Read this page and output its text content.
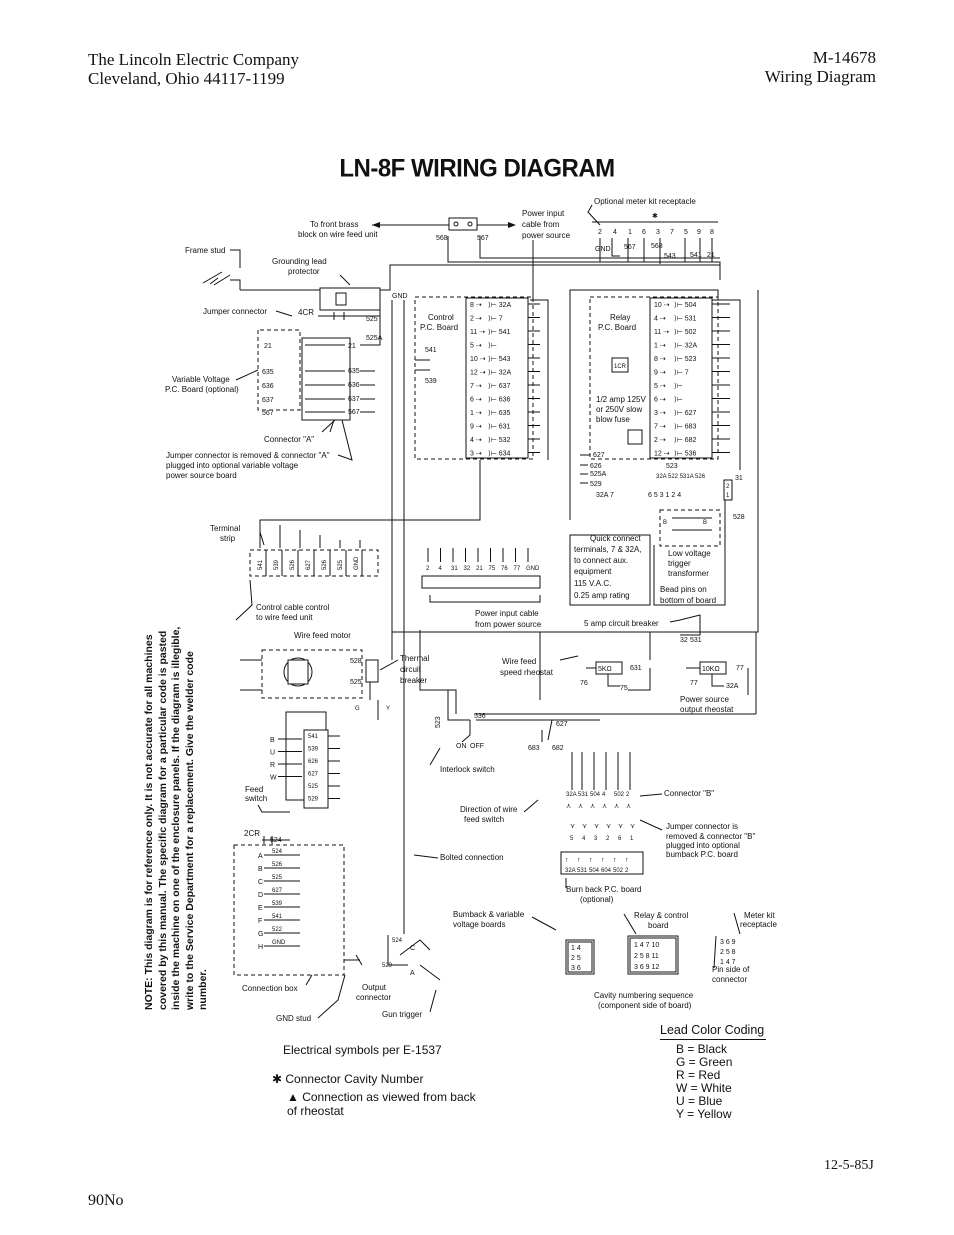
The Lincoln Electric Company
Cleveland, Ohio 44117-1199
M-14678
Wiring Diagram
LN-8F WIRING DIAGRAM
To front brass
block on wire feed unit	568	567
Power input
cable from
power source
Optional meter kit receptacle
✱
2 4 1 6 3 7 5 9 8
GND 567 568
543 541 21
Frame stud
Grounding lead
protector
GND
Jumper connector	4CR
525
525A
21
635
636
637
567
21
635
636
637
567
Variable Voltage
P.C. Board (optional)
Connector "A"
Jumper connector is removed & connector "A"
plugged into optional variable voltage
power source board
Control
P.C. Board
541
539
8 ⇢ ⟩⊢ 32A
2 ⇢ ⟩⊢ 7
11 ⇢ ⟩⊢ 541
5 ⇢ ⟩⊢
10 ⇢ ⟩⊢ 543
12 ⇢ ⟩⊢ 32A
7 ⇢ ⟩⊢ 637
6 ⇢ ⟩⊢ 636
1 ⇢ ⟩⊢ 635
9 ⇢ ⟩⊢ 631
4 ⇢ ⟩⊢ 532
3 ⇢ ⟩⊢ 634
Relay
P.C. Board
1CR
1/2 amp 125V
or 250V slow
blow fuse
10 ⇢ ⟩⊢ 504
4 ⇢ ⟩⊢ 531
11 ⇢ ⟩⊢ 502
1 ⇢ ⟩⊢ 32A
8 ⇢ ⟩⊢ 523
9 ⇢ ⟩⊢ 7
5 ⇢ ⟩⊢
6 ⇢ ⟩⊢
3 ⇢ ⟩⊢ 627
7 ⇢ ⟩⊢ 683
2 ⇢ ⟩⊢ 682
12 ⇢ ⟩⊢ 536
627
626
525A
529
523
32A 522 531A 526	31
2
1
528
32A 7	6 5 3 1 2 4
B	B
Terminal
strip
541 539 526 627 526 525 GND	2 4 31 32 21 75 76 77 GND
Power input cable
from power source
Quick connect
terminals, 7 & 32A,
to connect aux.
equipment
115 V.A.C.
0.25 amp rating
Low voltage
trigger
transformer
Bead pins on
bottom of board
5 amp circuit breaker
32 531
Control cable control
to wire feed unit
Wire feed motor
528
525
Thermal
circuit
breaker
G	Y
Wire feed
speed rheostat	5KΩ	631
75
76
10KΩ 77
32A
77
Power source
output rheostat
523	536
ON OFF
Interlock switch
627
683 682
541
539
626
627
525
529
B
U
R
W
Feed
switch
2CR
524
Direction of wire
feed switch
32A
⋏
531
⋏
504
⋏
4
⋏
502
⋏
2
⋏
⋎
5
⋎
4
⋎
3
⋎
2
⋎
6
⋎
1
Connector "B"
Jumper connector is
removed & connector "B"
plugged into optional
bumback P.C. board
↑
32A
↑
531
↑
504
↑
604
↑
502
↑
2
Burn back P.C. board
(optional)
A
524
B
526
C
525
D
627
E
539
F
541
G
522
H
GND
Bolted connection
Connection box	Output
connector
GND stud	Gun trigger
524
529
C
A
Bumback & variable
voltage boards
Relay & control
board
Meter kit
receptacle
1 4
2 5
3 6
1 4 7 10
2 5 8 11
3 6 9 12
3 6 9
2 5 8
1 4 7
Pin side of
connector
Cavity numbering sequence
(component side of board)
NOTE: This diagram is for reference only. It is not accurate for all machines covered by this manual. The specific diagram for a particular code is pasted inside the machine on one of the enclosure panels. If the diagram is illegible, write to the Service Department for a replacement. Give the welder code number.
Electrical symbols per E-1537
✱ Connector Cavity Number
▲ Connection as viewed from back of rheostat
Lead Color Coding
B = Black
G = Green
R = Red
W = White
U = Blue
Y = Yellow
12-5-85J
90No
